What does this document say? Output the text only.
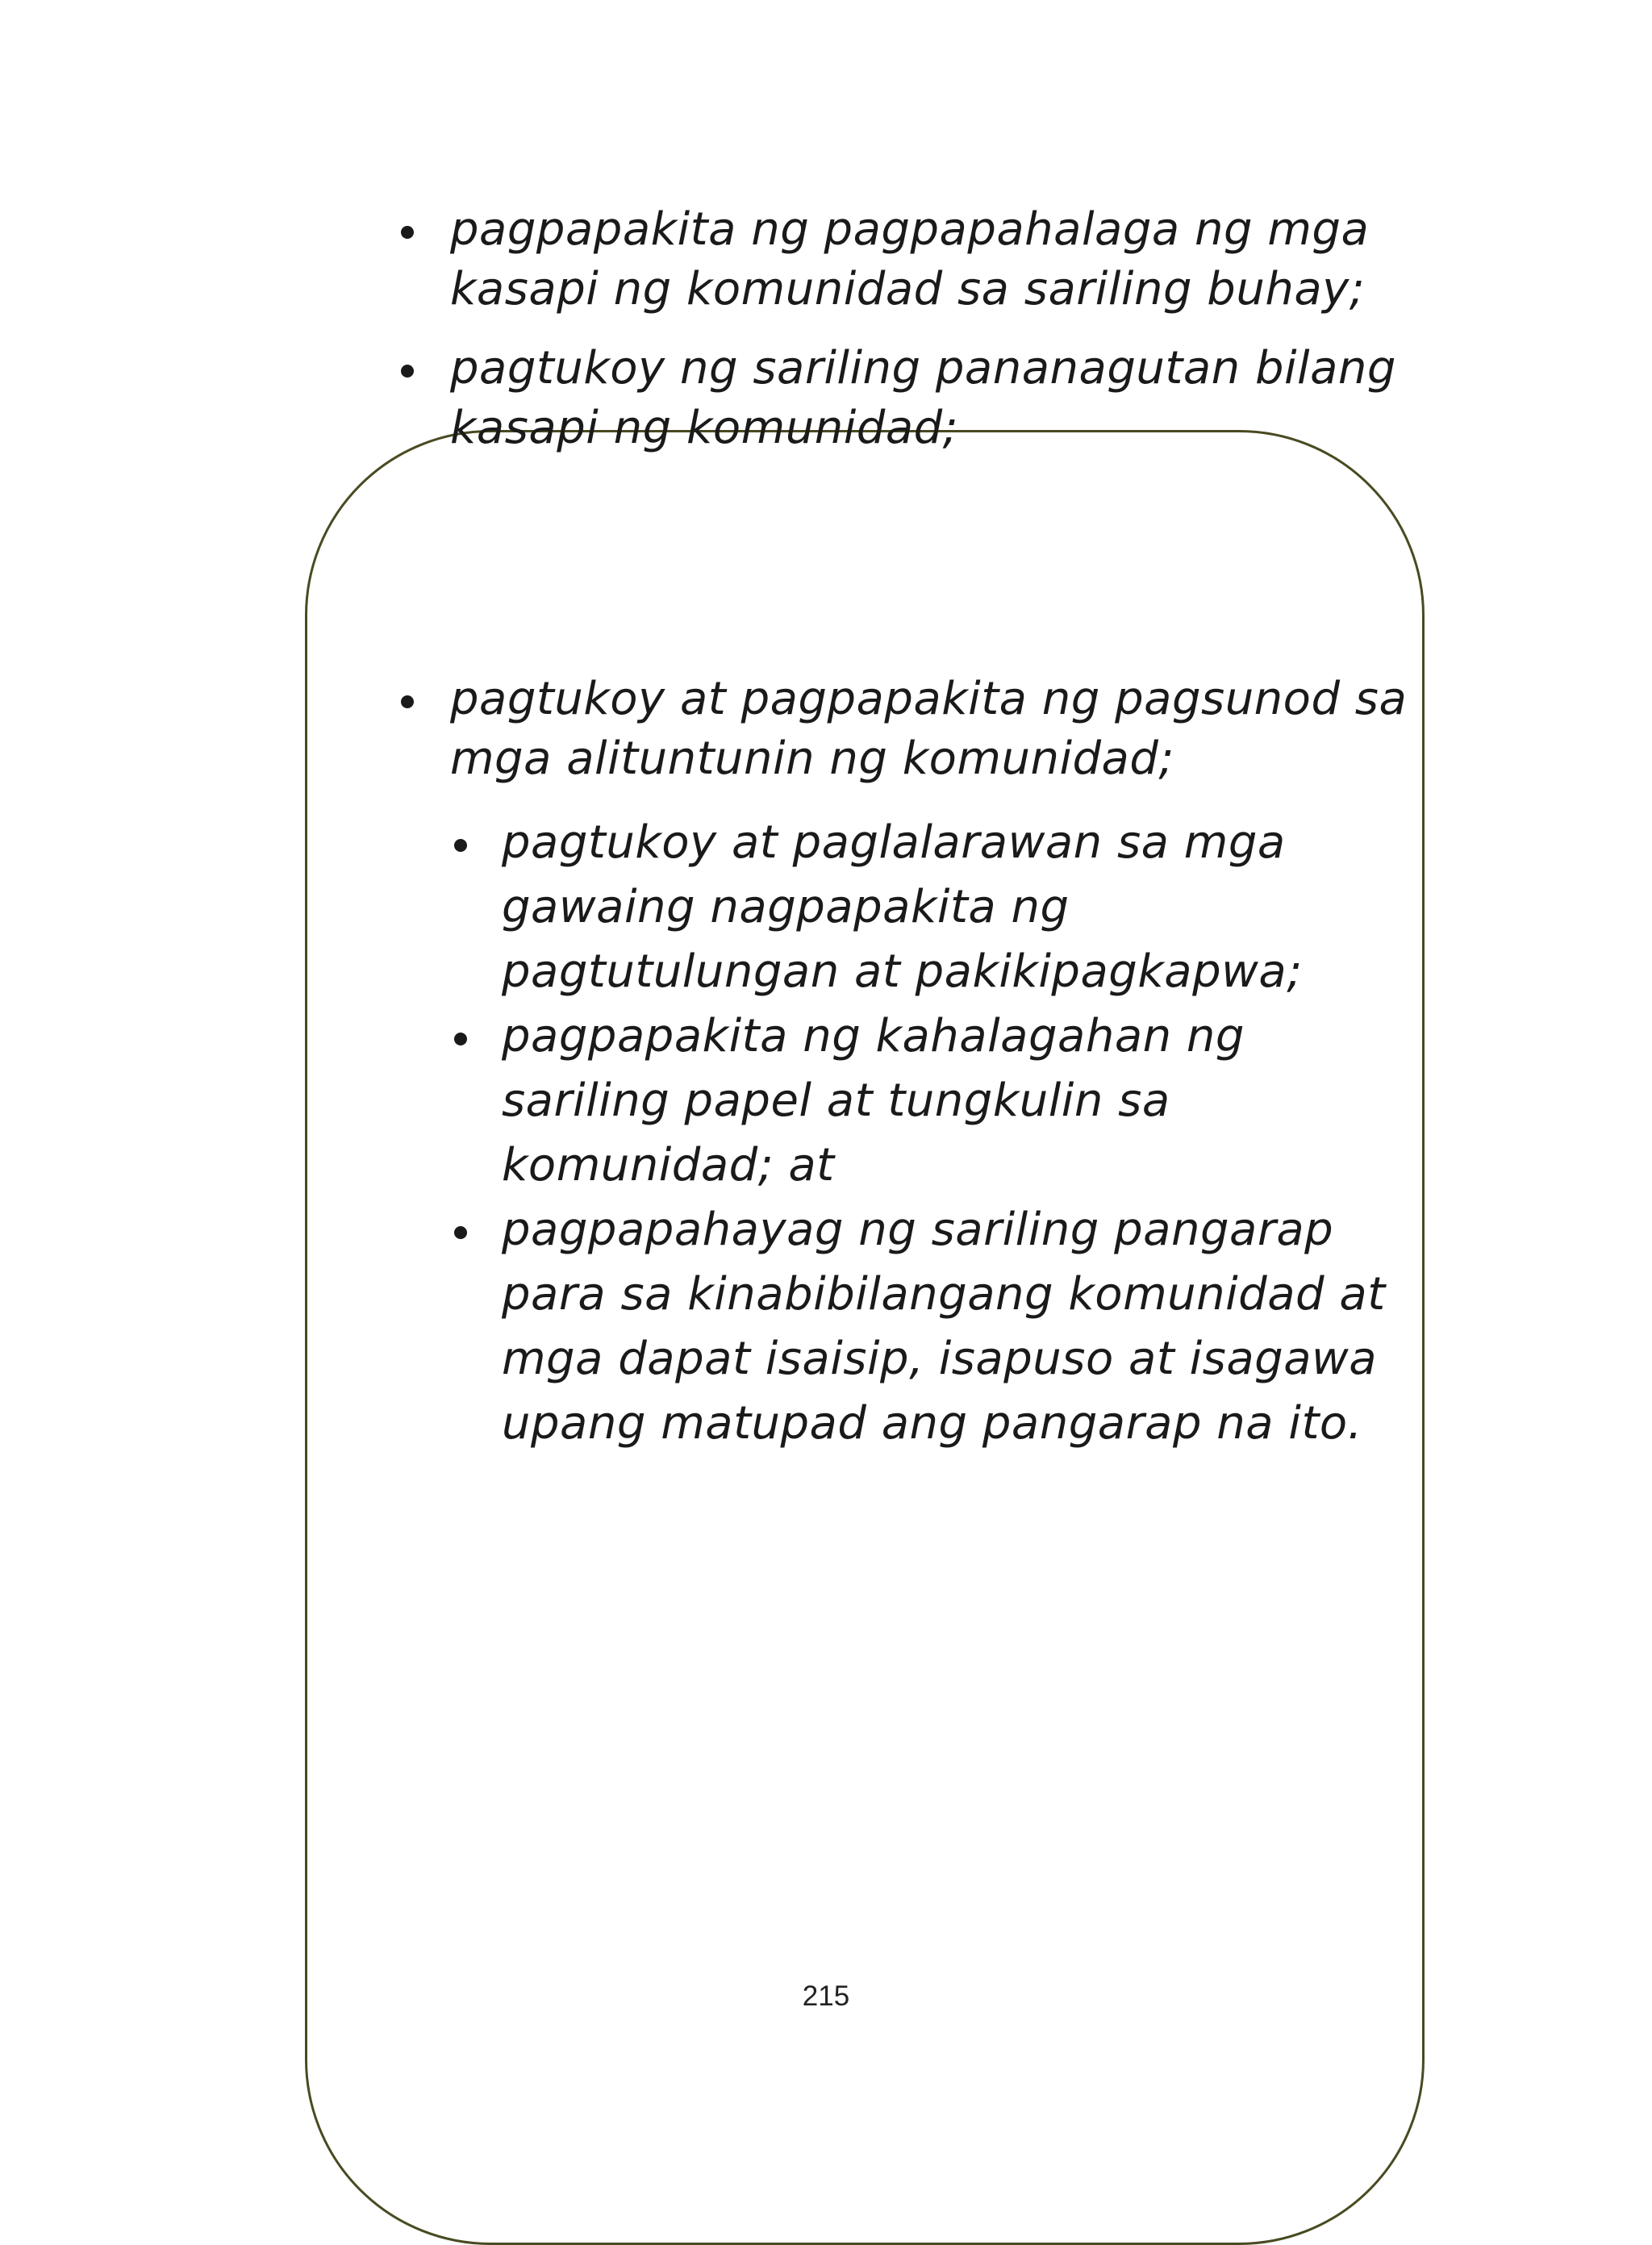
pagpapakita ng pagpapahalaga ng mga kasapi ng komunidad sa sariling buhay;
pagtukoy ng sariling pananagutan bilang kasapi ng komunidad;
pagtukoy at pagpapakita ng pagsunod sa mga alituntunin ng komunidad;
pagtukoy at paglalarawan sa mga gawaing nagpapakita ng pagtutulungan at pakikipagkapwa;
pagpapakita ng kahalagahan ng sariling papel at tungkulin sa komunidad; at
pagpapahayag ng sariling pangarap para sa kinabibilangang komunidad at mga dapat isaisip, isapuso at isagawa upang matupad ang pangarap na ito.
215
